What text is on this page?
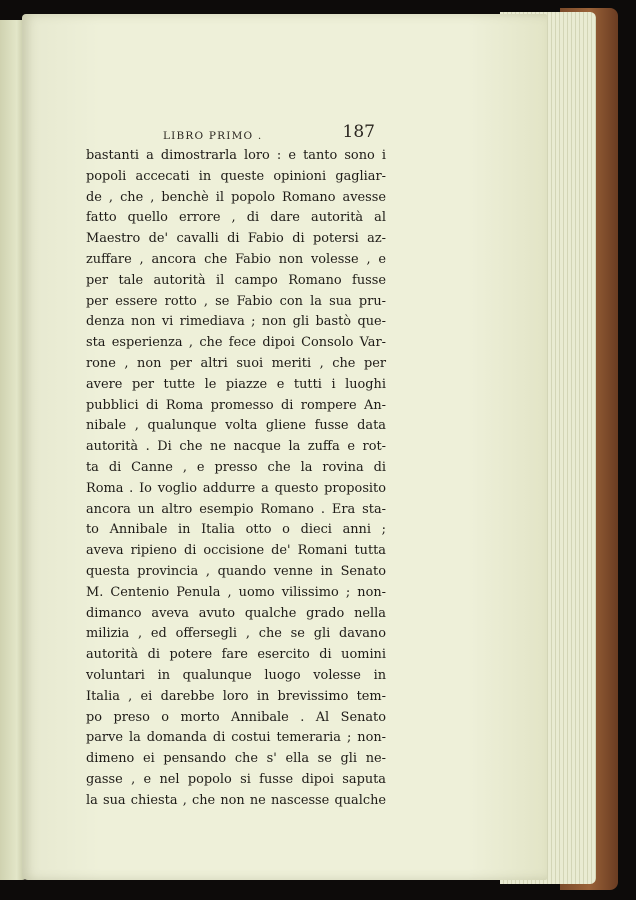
LIBRO PRIMO .	187
bastanti a dimostrarla loro : e tanto sono i
popoli accecati in queste opinioni gagliar-
de , che , benchè il popolo Romano avesse
fatto quello errore , di dare autorità al
Maestro de' cavalli di Fabio di potersi az-
zuffare , ancora che Fabio non volesse , e
per tale autorità il campo Romano fusse
per essere rotto , se Fabio con la sua pru-
denza non vi rimediava ; non gli bastò que-
sta esperienza , che fece dipoi Consolo Var-
rone , non per altri suoi meriti , che per
avere per tutte le piazze e tutti i luoghi
pubblici di Roma promesso di rompere An-
nibale , qualunque volta gliene fusse data
autorità . Di che ne nacque la zuffa e rot-
ta di Canne , e presso che la rovina di
Roma . Io voglio addurre a questo proposito
ancora un altro esempio Romano . Era sta-
to Annibale in Italia otto o dieci anni ;
aveva ripieno di occisione de' Romani tutta
questa provincia , quando venne in Senato
M. Centenio Penula , uomo vilissimo ; non-
dimanco aveva avuto qualche grado nella
milizia , ed offersegli , che se gli davano
autorità di potere fare esercito di uomini
voluntari in qualunque luogo volesse in
Italia , ei darebbe loro in brevissimo tem-
po preso o morto Annibale . Al Senato
parve la domanda di costui temeraria ; non-
dimeno ei pensando che s' ella se gli ne-
gasse , e nel popolo si fusse dipoi saputa
la sua chiesta , che non ne nascesse qualche
